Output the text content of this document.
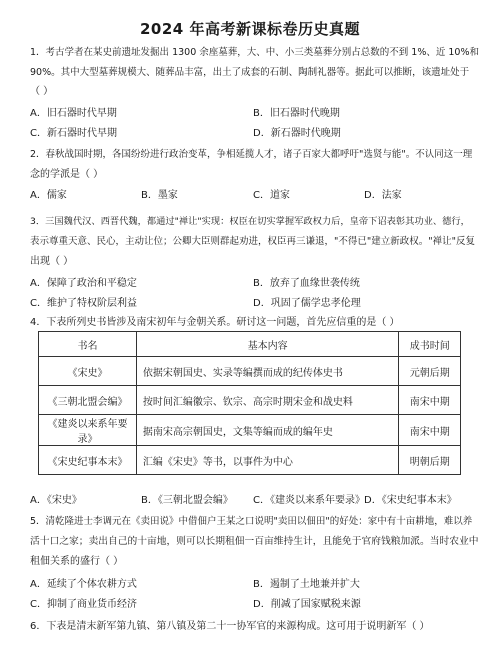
2024 年高考新课标卷历史真题
1．考古学者在某史前遗址发掘出 1300 余座墓葬，大、中、小三类墓葬分别占总数的不到 1%、近 10%和
90%。其中大型墓葬规模大、随葬品丰富，出土了成套的石制、陶制礼器等。据此可以推断，该遗址处于
（ ）
A．旧石器时代早期	B．旧石器时代晚期
C．新石器时代早期	D．新石器时代晚期
2．春秋战国时期，各国纷纷进行政治变革，争相延揽人才，诸子百家大都呼吁"选贤与能"。不认同这一理
念的学派是（ ）
A．儒家	B．墨家	C．道家	D．法家
3．三国魏代汉、西晋代魏，都通过"禅让"实现：权臣在切实掌握军政权力后，皇帝下诏表彰其功业、德行，
表示尊重天意、民心，主动让位；公卿大臣则群起劝进，权臣再三谦退，"不得已"建立新政权。"禅让"反复
出现（ ）
A．保障了政治和平稳定	B．放弃了血缘世袭传统
C．维护了特权阶层利益	D．巩固了儒学忠孝伦理
4．下表所列史书皆涉及南宋初年与金朝关系。研讨这一问题，首先应信重的是（ ）
书名	基本内容	成书时间
《宋史》	依据宋朝国史、实录等编撰而成的纪传体史书	元朝后期
《三朝北盟会编》	按时间汇编徽宗、钦宗、高宗时期宋金和战史料	南宋中期
《建炎以来系年要录》	据南宋高宗朝国史，文集等编而成的编年史	南宋中期
《宋史纪事本末》	汇编《宋史》等书，以事件为中心	明朝后期
A．《宋史》	B．《三朝北盟会编》 C．《建炎以来系年要录》 D．《宋史纪事本末》
5．清乾隆进士李调元在《卖田说》中借佃户王某之口说明"卖田以佃田"的好处：家中有十亩耕地，难以养
活十口之家；卖出自己的十亩地，则可以长期租佃一百亩维持生计，且能免于官府钱粮加派。当时农业中
租佃关系的盛行（ ）
A．延续了个体农耕方式	B．遏制了土地兼并扩大
C．抑制了商业货币经济	D．削减了国家赋税来源
6．下表是清末新军第九镇、第八镇及第二十一协军官的来源构成。这可用于说明新军（ ）
